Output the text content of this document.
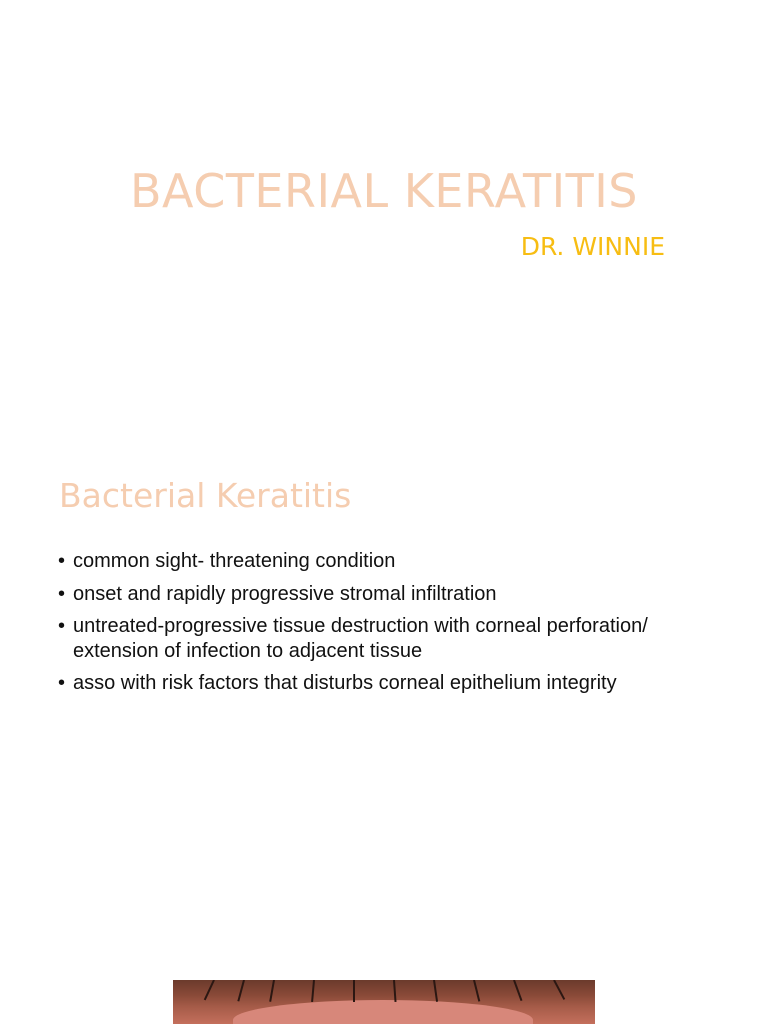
BACTERIAL KERATITIS
DR. WINNIE
Bacterial Keratitis
• common sight- threatening condition
• onset and rapidly progressive stromal infiltration
• untreated-progressive tissue destruction with corneal perforation/ extension of infection to adjacent tissue
• asso with risk factors that disturbs corneal epithelium integrity
